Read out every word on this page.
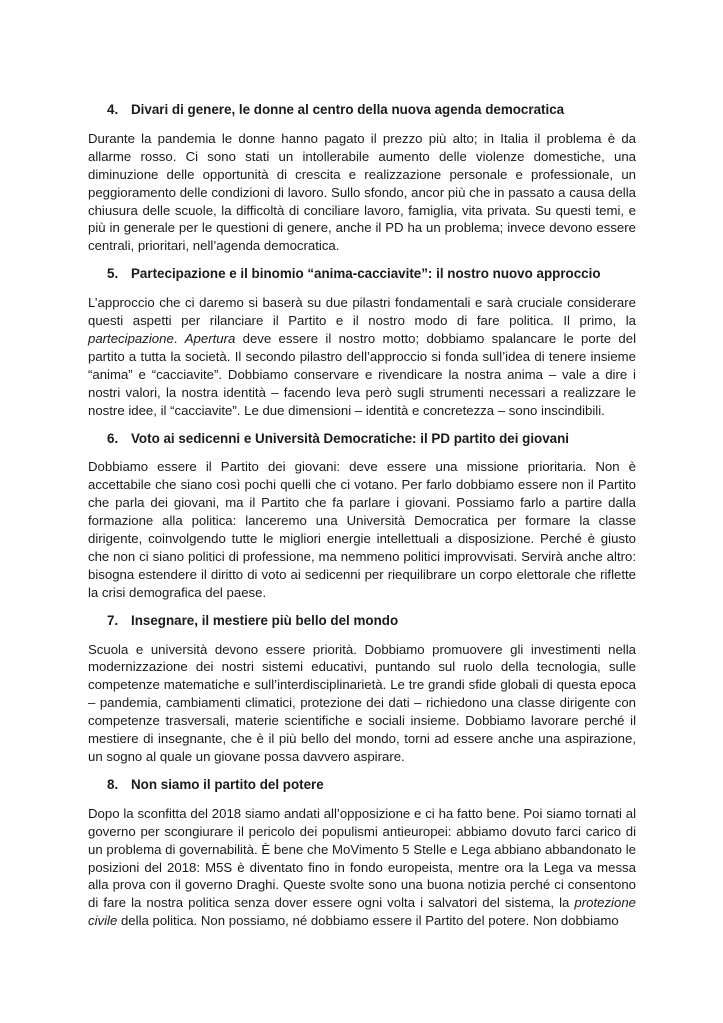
4. Divari di genere, le donne al centro della nuova agenda democratica

Durante la pandemia le donne hanno pagato il prezzo più alto; in Italia il problema è da allarme rosso. Ci sono stati un intollerabile aumento delle violenze domestiche, una diminuzione delle opportunità di crescita e realizzazione personale e professionale, un peggioramento delle condizioni di lavoro. Sullo sfondo, ancor più che in passato a causa della chiusura delle scuole, la difficoltà di conciliare lavoro, famiglia, vita privata. Su questi temi, e più in generale per le questioni di genere, anche il PD ha un problema; invece devono essere centrali, prioritari, nell’agenda democratica.

5. Partecipazione e il binomio “anima-cacciavite”: il nostro nuovo approccio

L’approccio che ci daremo si baserà su due pilastri fondamentali e sarà cruciale considerare questi aspetti per rilanciare il Partito e il nostro modo di fare politica. Il primo, la partecipazione. Apertura deve essere il nostro motto; dobbiamo spalancare le porte del partito a tutta la società. Il secondo pilastro dell’approccio si fonda sull’idea di tenere insieme “anima” e “cacciavite”. Dobbiamo conservare e rivendicare la nostra anima – vale a dire i nostri valori, la nostra identità – facendo leva però sugli strumenti necessari a realizzare le nostre idee, il “cacciavite”. Le due dimensioni – identità e concretezza – sono inscindibili.

6. Voto ai sedicenni e Università Democratiche: il PD partito dei giovani

Dobbiamo essere il Partito dei giovani: deve essere una missione prioritaria. Non è accettabile che siano così pochi quelli che ci votano. Per farlo dobbiamo essere non il Partito che parla dei giovani, ma il Partito che fa parlare i giovani. Possiamo farlo a partire dalla formazione alla politica: lanceremo una Università Democratica per formare la classe dirigente, coinvolgendo tutte le migliori energie intellettuali a disposizione. Perché è giusto che non ci siano politici di professione, ma nemmeno politici improvvisati. Servirà anche altro: bisogna estendere il diritto di voto ai sedicenni per riequilibrare un corpo elettorale che riflette la crisi demografica del paese.

7. Insegnare, il mestiere più bello del mondo

Scuola e università devono essere priorità. Dobbiamo promuovere gli investimenti nella modernizzazione dei nostri sistemi educativi, puntando sul ruolo della tecnologia, sulle competenze matematiche e sull’interdisciplinarietà. Le tre grandi sfide globali di questa epoca – pandemia, cambiamenti climatici, protezione dei dati – richiedono una classe dirigente con competenze trasversali, materie scientifiche e sociali insieme. Dobbiamo lavorare perché il mestiere di insegnante, che è il più bello del mondo, torni ad essere anche una aspirazione, un sogno al quale un giovane possa davvero aspirare.

8. Non siamo il partito del potere

Dopo la sconfitta del 2018 siamo andati all’opposizione e ci ha fatto bene. Poi siamo tornati al governo per scongiurare il pericolo dei populismi antieuropei: abbiamo dovuto farci carico di un problema di governabilità. È bene che MoVimento 5 Stelle e Lega abbiano abbandonato le posizioni del 2018: M5S è diventato fino in fondo europeista, mentre ora la Lega va messa alla prova con il governo Draghi. Queste svolte sono una buona notizia perché ci consentono di fare la nostra politica senza dover essere ogni volta i salvatori del sistema, la protezione civile della politica. Non possiamo, né dobbiamo essere il Partito del potere. Non dobbiamo
